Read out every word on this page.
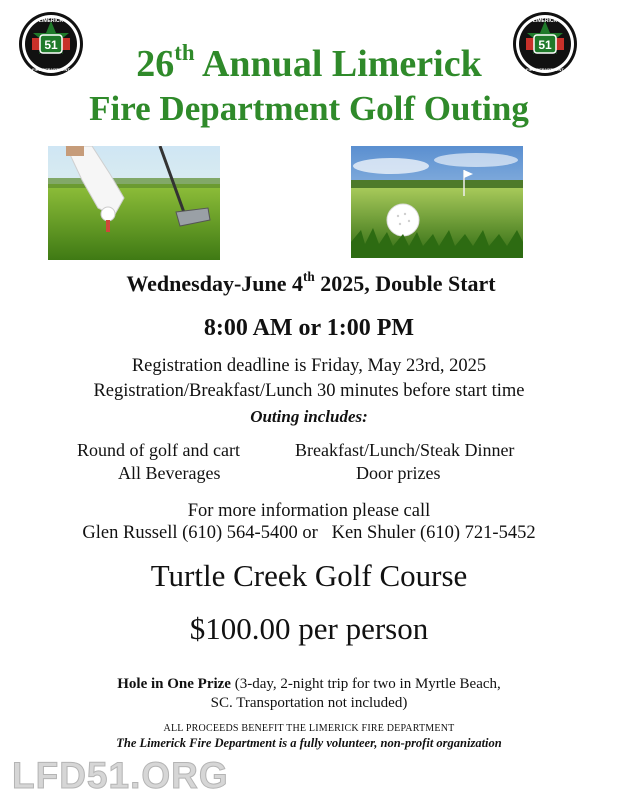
51
LIMERICK
FIRE DEPARTMENT
51
LIMERICK
FIRE DEPARTMENT
26th Annual Limerick
Fire Department Golf Outing
Wednesday-June 4th 2025, Double Start
8:00 AM or 1:00 PM
Registration deadline is Friday, May 23rd, 2025
Registration/Breakfast/Lunch 30 minutes before start time
Outing includes:
Round of golf and cart	Breakfast/Lunch/Steak Dinner
All Beverages	Door prizes
For more information please call
Glen Russell (610) 564-5400 or   Ken Shuler (610) 721-5452
Turtle Creek Golf Course
$100.00 per person
Hole in One Prize (3-day, 2-night trip for two in Myrtle Beach,
SC. Transportation not included)
ALL PROCEEDS BENEFIT THE LIMERICK FIRE DEPARTMENT
The Limerick Fire Department is a fully volunteer, non-profit organization
LFD51.ORG
